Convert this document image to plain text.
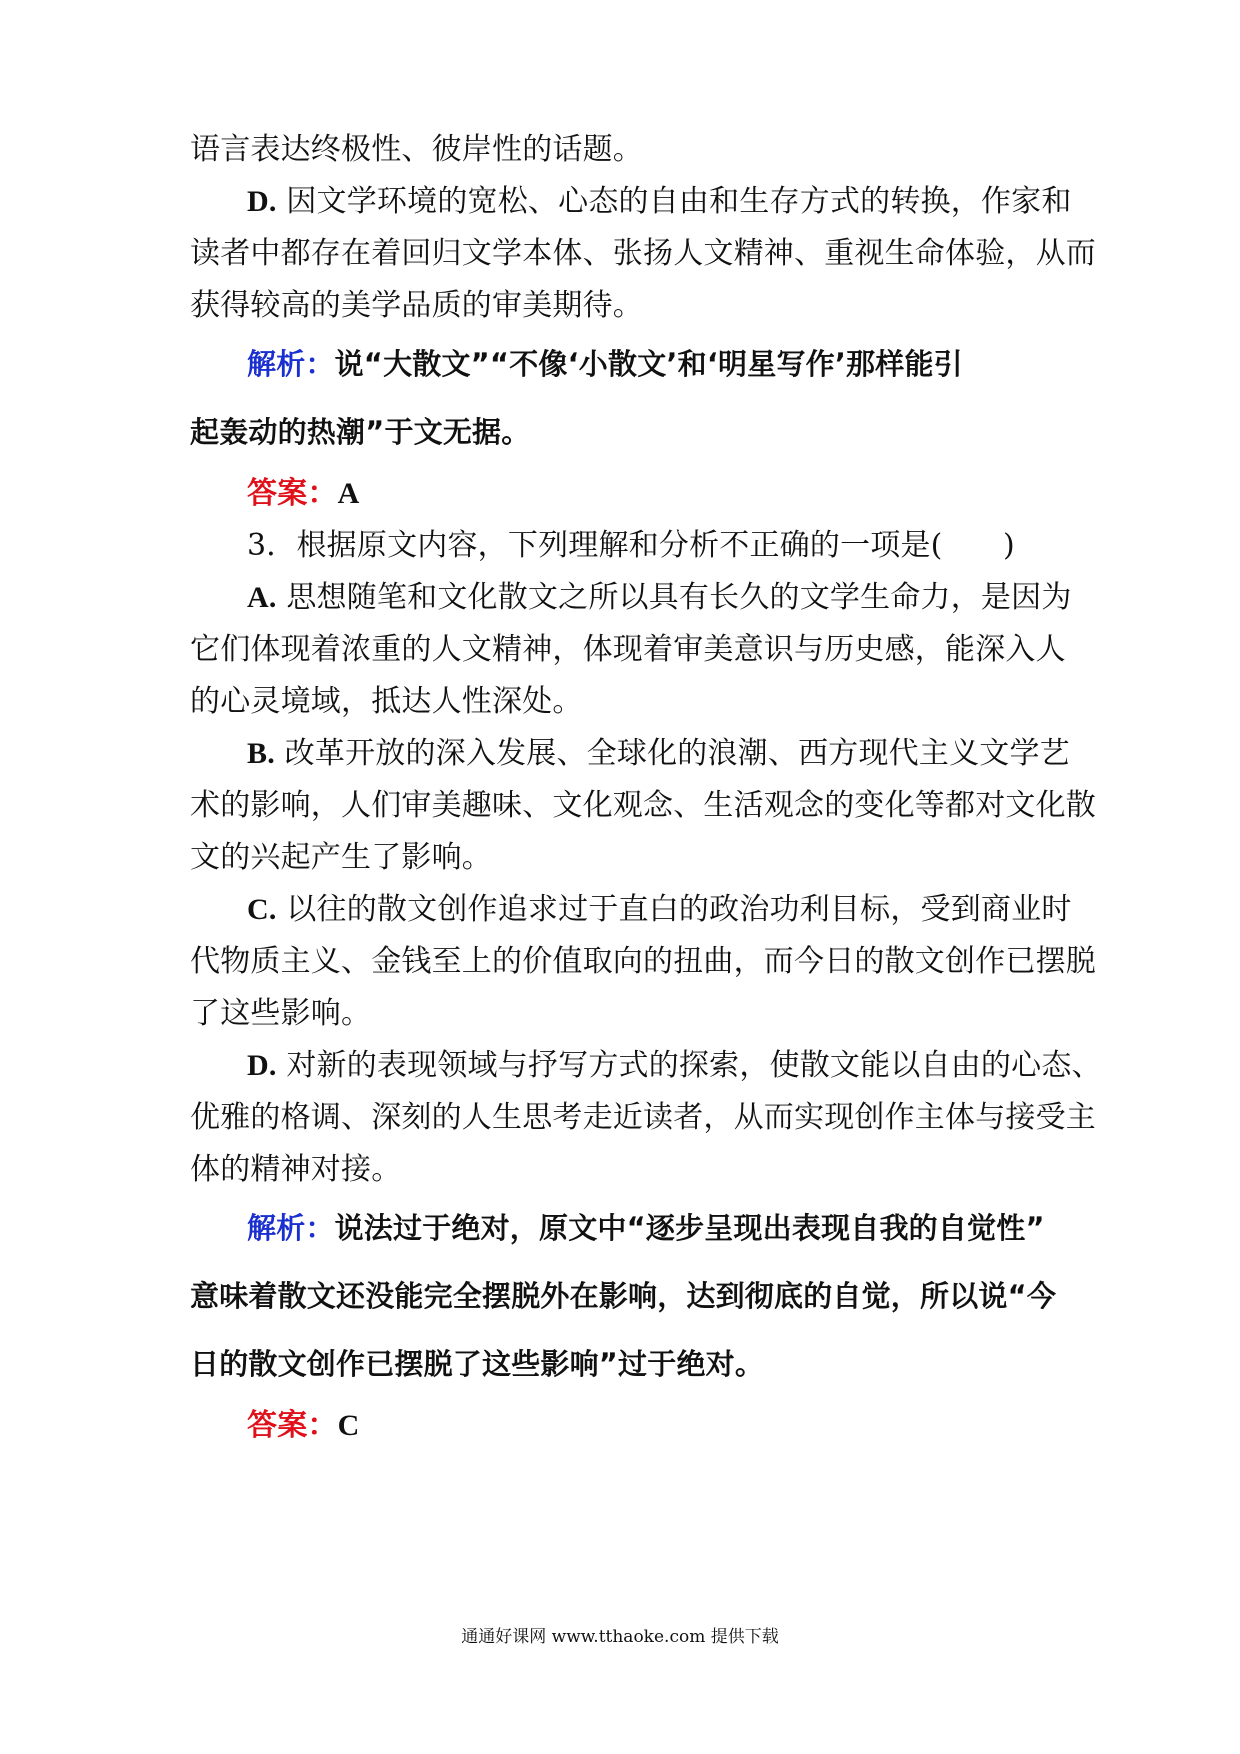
语言表达终极性、彼岸性的话题。
D. 因文学环境的宽松、心态的自由和生存方式的转换，作家和
读者中都存在着回归文学本体、张扬人文精神、重视生命体验，从而
获得较高的美学品质的审美期待。
解析：说“大散文”“不像‘小散文’和‘明星写作’那样能引
起轰动的热潮”于文无据。
答案：A
3．根据原文内容，下列理解和分析不正确的一项是(　　)
A. 思想随笔和文化散文之所以具有长久的文学生命力，是因为
它们体现着浓重的人文精神，体现着审美意识与历史感，能深入人
的心灵境域，抵达人性深处。
B. 改革开放的深入发展、全球化的浪潮、西方现代主义文学艺
术的影响，人们审美趣味、文化观念、生活观念的变化等都对文化散
文的兴起产生了影响。
C. 以往的散文创作追求过于直白的政治功利目标，受到商业时
代物质主义、金钱至上的价值取向的扭曲，而今日的散文创作已摆脱
了这些影响。
D. 对新的表现领域与抒写方式的探索，使散文能以自由的心态、
优雅的格调、深刻的人生思考走近读者，从而实现创作主体与接受主
体的精神对接。
解析：说法过于绝对，原文中“逐步呈现出表现自我的自觉性”
意味着散文还没能完全摆脱外在影响，达到彻底的自觉，所以说“今
日的散文创作已摆脱了这些影响”过于绝对。
答案：C
通通好课网 www.tthaoke.com 提供下载
